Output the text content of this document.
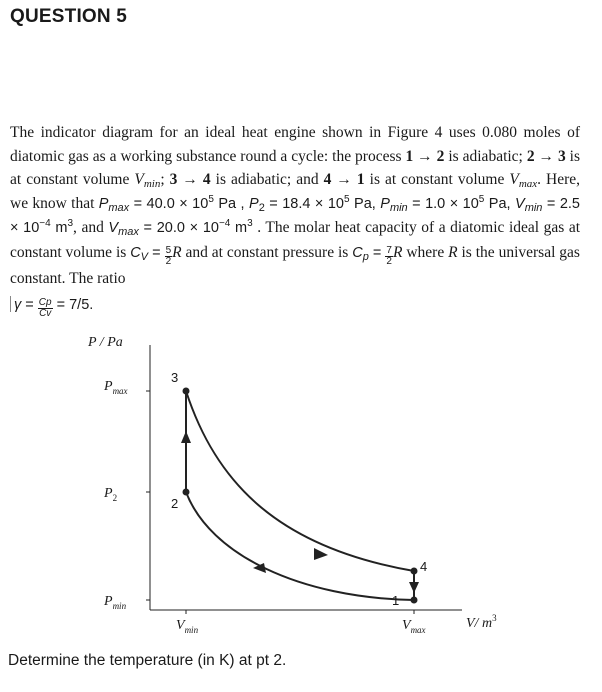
QUESTION 5
The indicator diagram for an ideal heat engine shown in Figure 4 uses 0.080 moles of diatomic gas as a working substance round a cycle: the process 1 → 2 is adiabatic; 2 → 3 is at constant volume $V_{min}$; 3 → 4 is adiabatic; and 4 → 1 is at constant volume $V_{max}$. Here, we know that $P_{max} = 40.0 \times 10^5$ Pa , $P_2 = 18.4 \times 10^5$ Pa, $P_{min} = 1.0 \times 10^5$ Pa, $V_{min} = 2.5 \times 10^{-4}$ $m^3$, and $V_{max} = 20.0 \times 10^{-4}$ $m^3$ . The molar heat capacity of a diatomic ideal gas at constant volume is $C_V = \frac{5}{2}$ R and at constant pressure is $C_p = \frac{7}{2}$ R where R is the universal gas constant. The ratio
$\gamma = \frac{Cp}{Cv} = 7/5$.
P / Pa
V/ $m^3$
$P_{max}$
$P_2$
$P_{min}$
$V_{min}$	$V_{max}$
3
2
4
1
Determine the temperature (in K) at pt 2.
